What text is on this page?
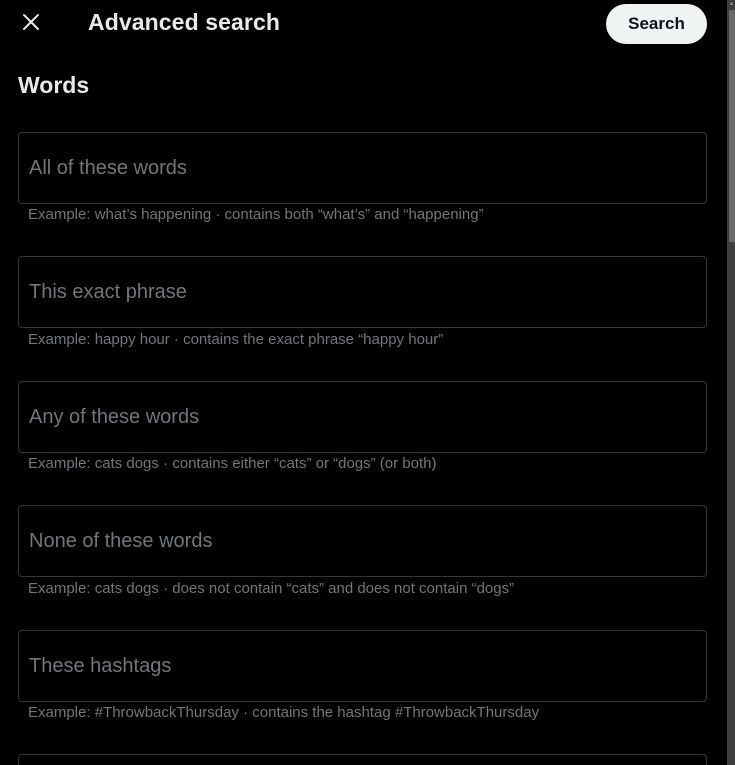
Advanced search	Search
Words
All of these words
Example: what’s happening · contains both “what’s” and “happening”
This exact phrase
Example: happy hour · contains the exact phrase “happy hour”
Any of these words
Example: cats dogs · contains either “cats” or “dogs” (or both)
None of these words
Example: cats dogs · does not contain “cats” and does not contain “dogs”
These hashtags
Example: #ThrowbackThursday · contains the hashtag #ThrowbackThursday
▲
